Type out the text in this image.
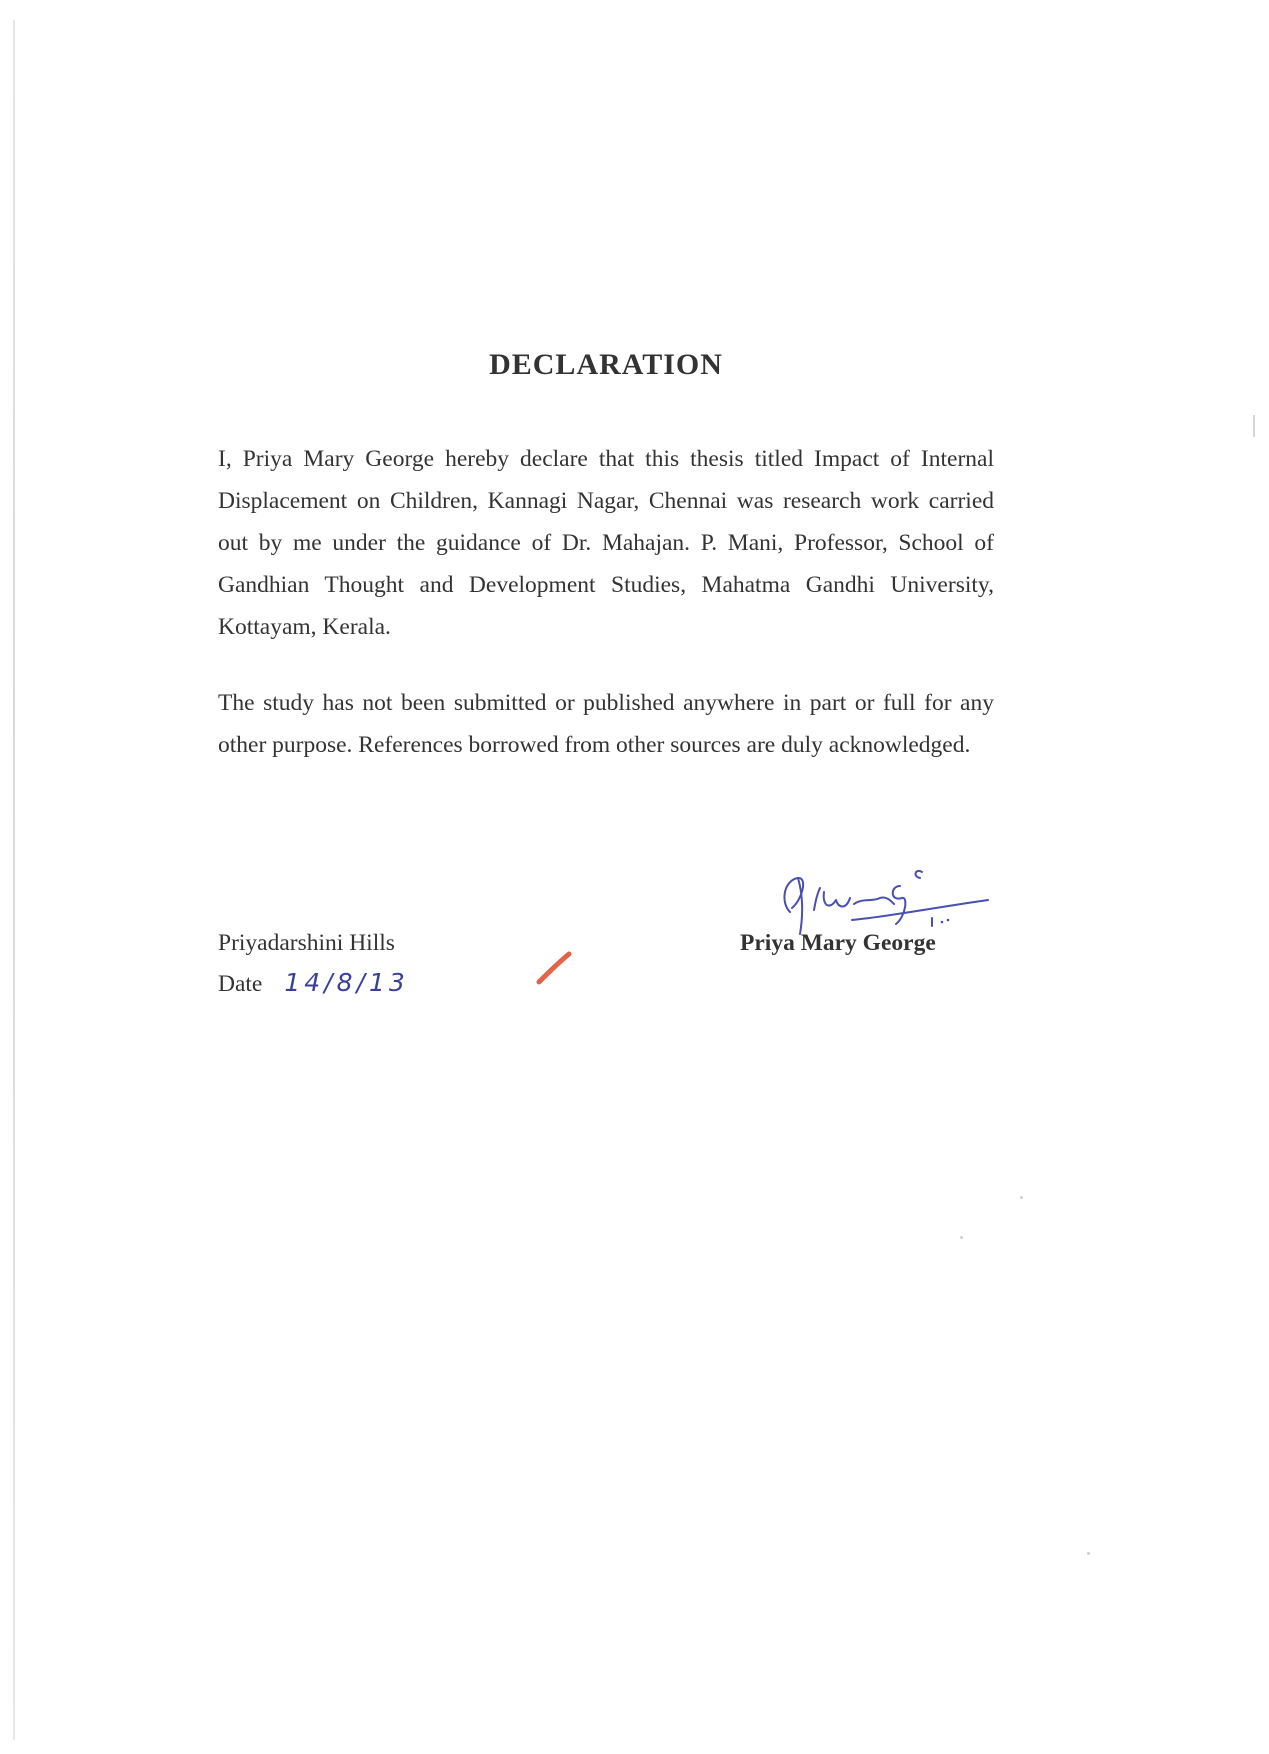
DECLARATION
I, Priya Mary George hereby declare that this thesis titled Impact of Internal Displacement on Children, Kannagi Nagar, Chennai was research work carried out by me under the guidance of Dr. Mahajan. P. Mani, Professor, School of Gandhian Thought and Development Studies, Mahatma Gandhi University, Kottayam, Kerala.
The study has not been submitted or published anywhere in part or full for any other purpose. References borrowed from other sources are duly acknowledged.
Priyadarshini Hills
Date 14/8/13
Priya Mary George
